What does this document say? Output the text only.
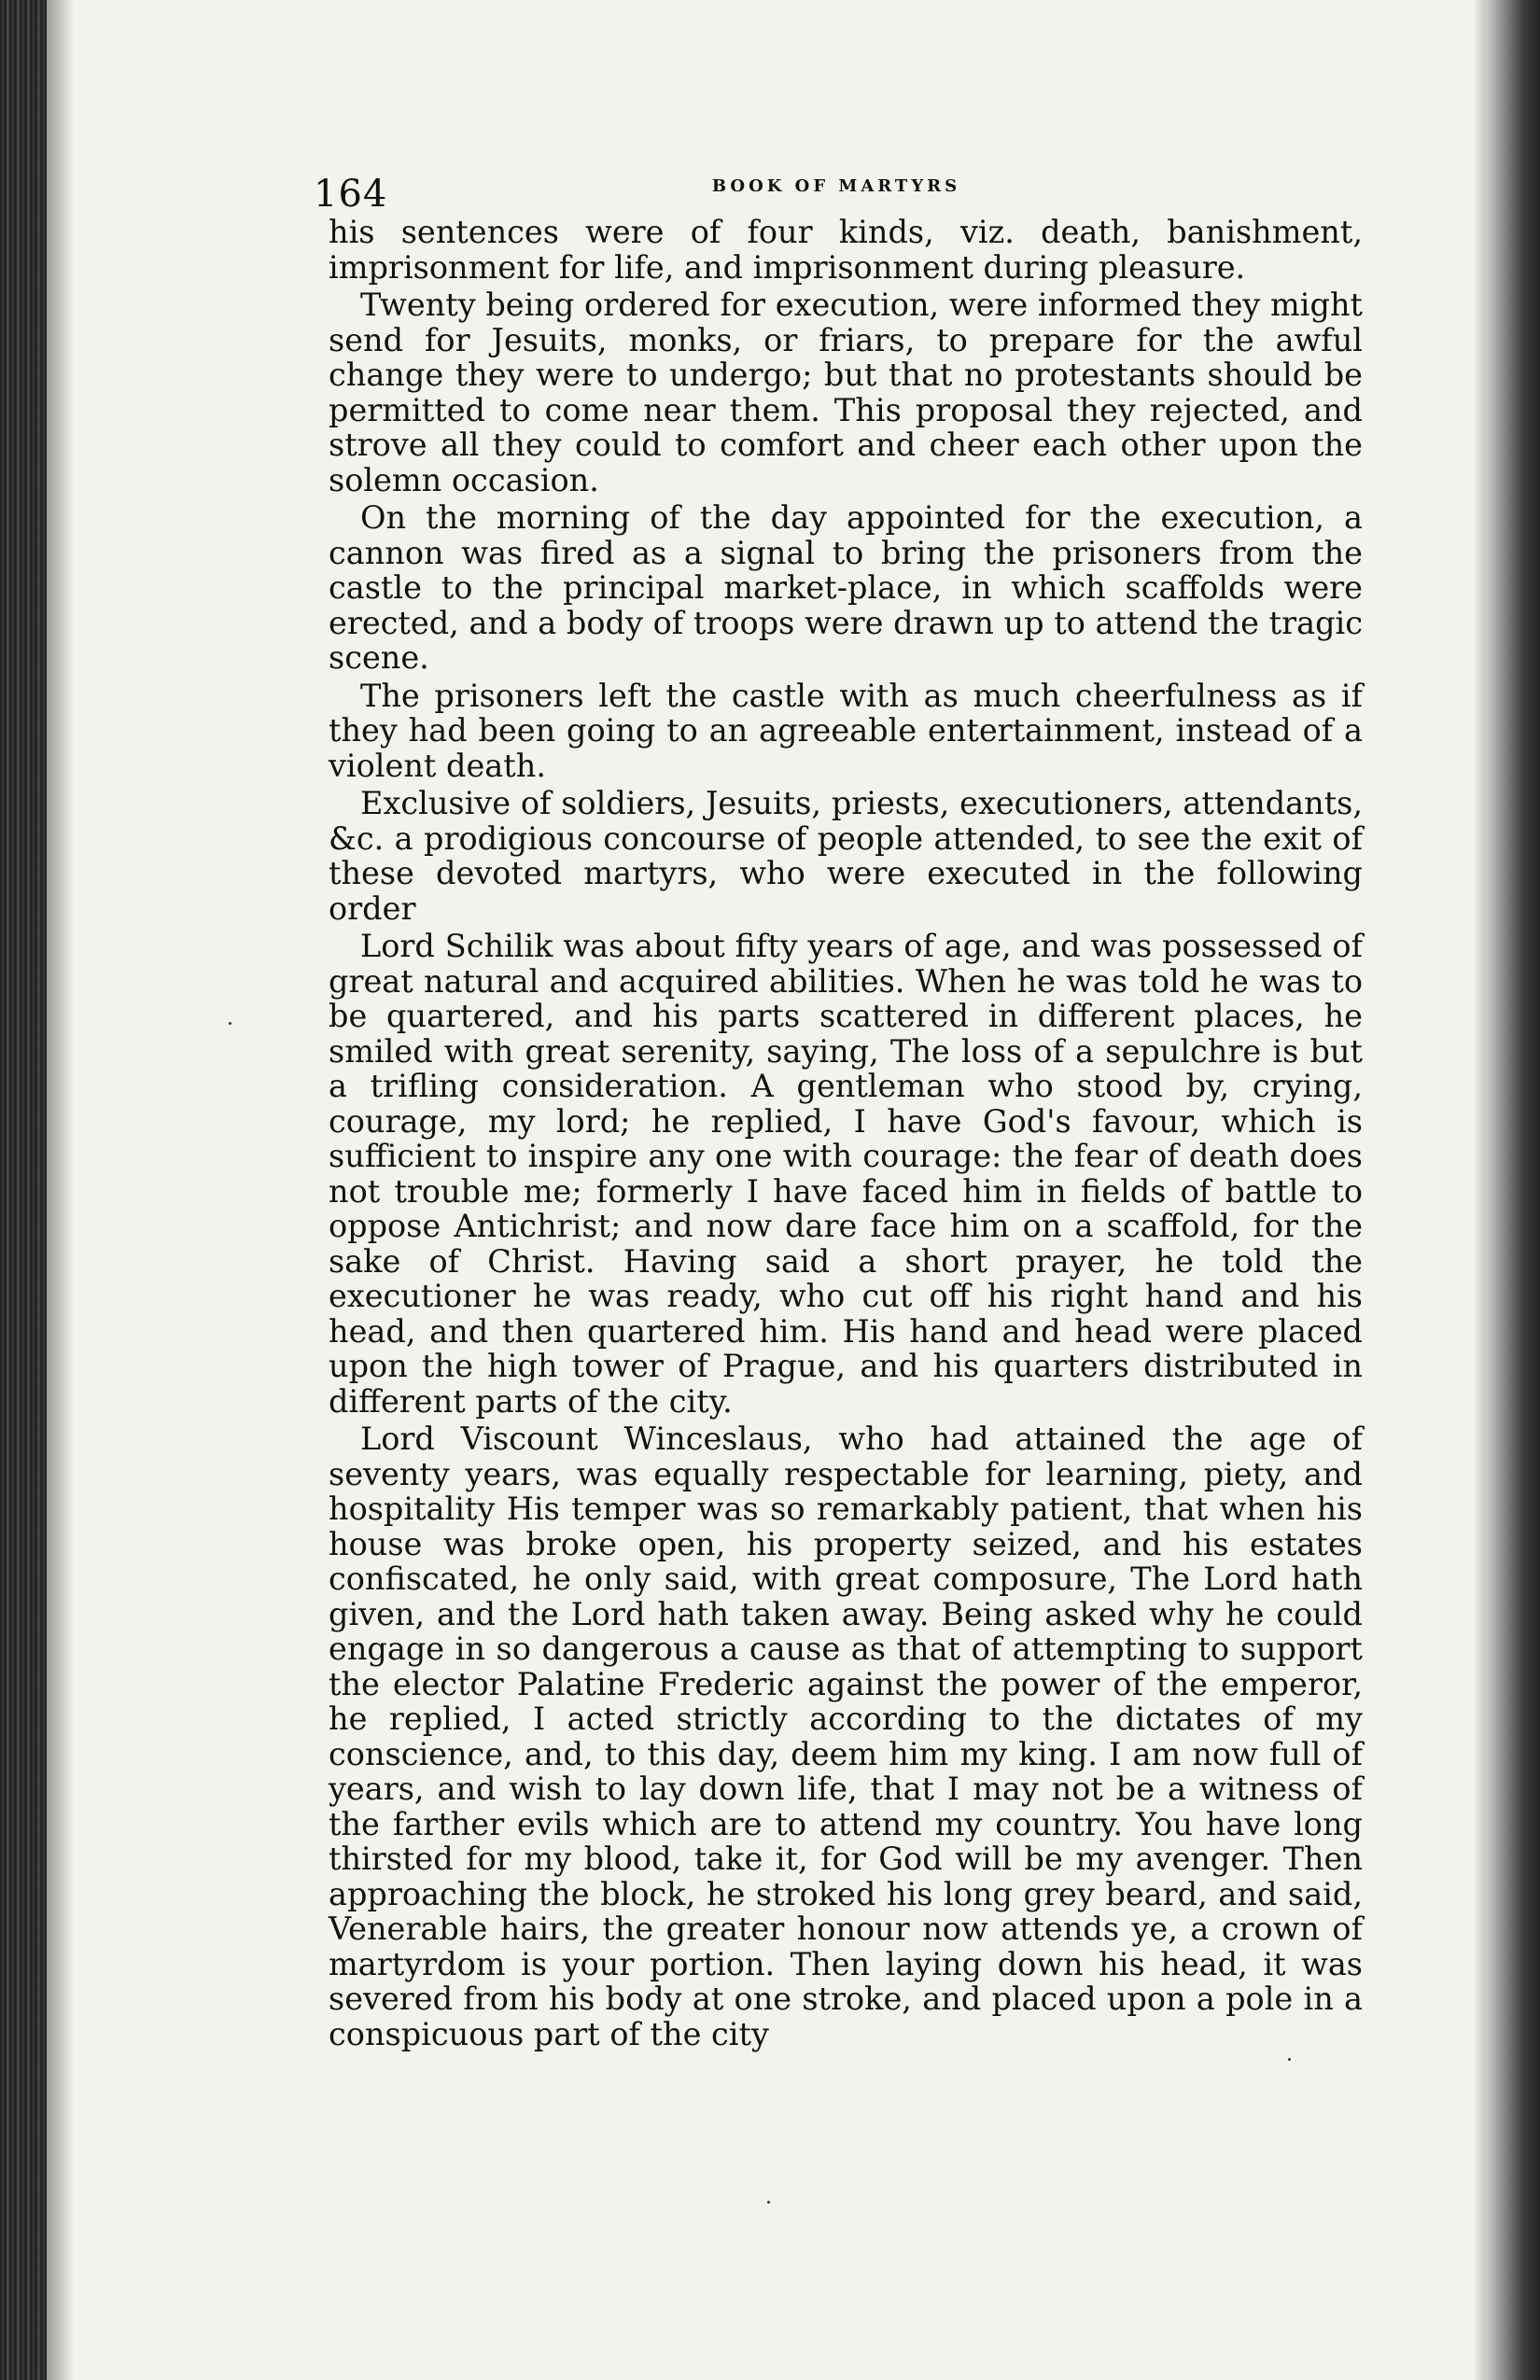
164	BOOK OF MARTYRS

his sentences were of four kinds, viz. death, banishment, imprisonment for life, and imprisonment during pleasure.

Twenty being ordered for execution, were informed they might send for Jesuits, monks, or friars, to prepare for the awful change they were to undergo; but that no protestants should be permitted to come near them. This proposal they rejected, and strove all they could to comfort and cheer each other upon the solemn occasion.

On the morning of the day appointed for the execution, a cannon was fired as a signal to bring the prisoners from the castle to the principal market-place, in which scaffolds were erected, and a body of troops were drawn up to attend the tragic scene.

The prisoners left the castle with as much cheerfulness as if they had been going to an agreeable entertainment, instead of a violent death.

Exclusive of soldiers, Jesuits, priests, executioners, attendants, &c. a prodigious concourse of people attended, to see the exit of these devoted martyrs, who were executed in the following order

Lord Schilik was about fifty years of age, and was possessed of great natural and acquired abilities. When he was told he was to be quartered, and his parts scattered in different places, he smiled with great serenity, saying, The loss of a sepulchre is but a trifling consideration. A gentleman who stood by, crying, courage, my lord; he replied, I have God's favour, which is sufficient to inspire any one with courage: the fear of death does not trouble me; formerly I have faced him in fields of battle to oppose Antichrist; and now dare face him on a scaffold, for the sake of Christ. Having said a short prayer, he told the executioner he was ready, who cut off his right hand and his head, and then quartered him. His hand and head were placed upon the high tower of Prague, and his quarters distributed in different parts of the city.

Lord Viscount Winceslaus, who had attained the age of seventy years, was equally respectable for learning, piety, and hospitality His temper was so remarkably patient, that when his house was broke open, his property seized, and his estates confiscated, he only said, with great composure, The Lord hath given, and the Lord hath taken away. Being asked why he could engage in so dangerous a cause as that of attempting to support the elector Palatine Frederic against the power of the emperor, he replied, I acted strictly according to the dictates of my conscience, and, to this day, deem him my king. I am now full of years, and wish to lay down life, that I may not be a witness of the farther evils which are to attend my country. You have long thirsted for my blood, take it, for God will be my avenger. Then approaching the block, he stroked his long grey beard, and said, Venerable hairs, the greater honour now attends ye, a crown of martyrdom is your portion. Then laying down his head, it was severed from his body at one stroke, and placed upon a pole in a conspicuous part of the city
